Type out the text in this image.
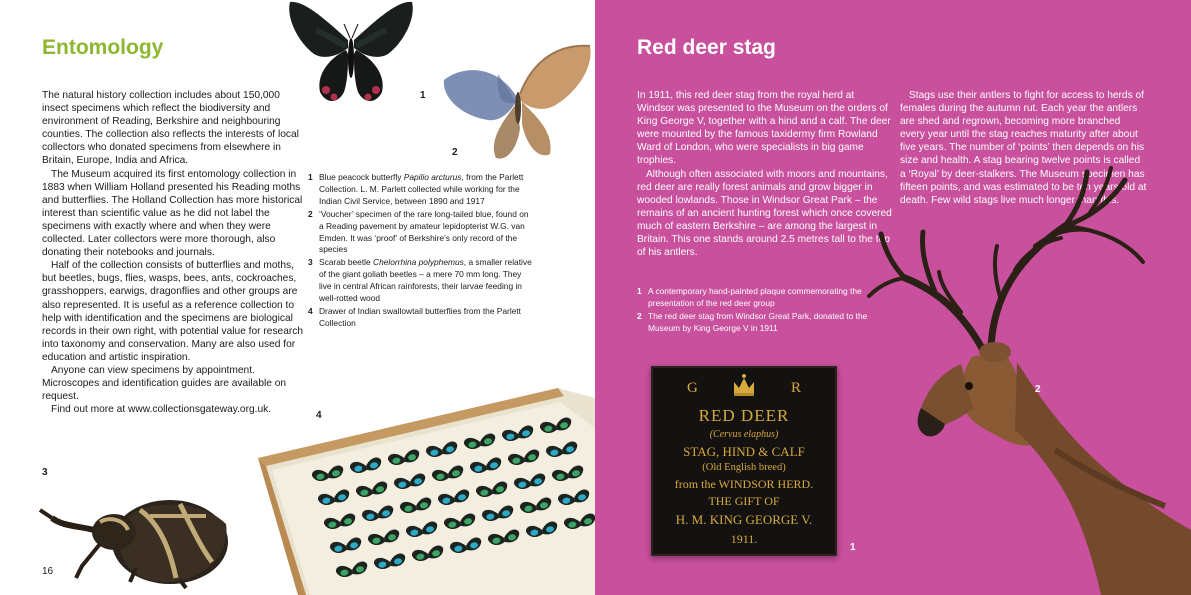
Entomology

The natural history collection includes about 150,000 insect specimens which reflect the biodiversity and environment of Reading, Berkshire and neighbouring counties. The collection also reflects the interests of local collectors who donated specimens from elsewhere in Britain, Europe, India and Africa.

The Museum acquired its first entomology collection in 1883 when William Holland presented his Reading moths and butterflies. The Holland Collection has more historical interest than scientific value as he did not label the specimens with exactly where and when they were collected. Later collectors were more thorough, also donating their notebooks and journals.

Half of the collection consists of butterflies and moths, but beetles, bugs, flies, wasps, bees, ants, cockroaches, grasshoppers, earwigs, dragonflies and other groups are also represented. It is useful as a reference collection to help with identification and the specimens are biological records in their own right, with potential value for research into taxonomy and conservation. Many are also used for education and artistic inspiration.

Anyone can view specimens by appointment. Microscopes and identification guides are available on request.

Find out more at www.collectionsgateway.org.uk.

1 Blue peacock butterfly Papilio arcturus, from the Parlett Collection. L. M. Parlett collected while working for the Indian Civil Service, between 1890 and 1917
2 ‘Voucher’ specimen of the rare long-tailed blue, found on a Reading pavement by amateur lepidopterist W.G. van Emden. It was ‘proof’ of Berkshire’s only record of the species
3 Scarab beetle Chelorrhina polyphemus, a smaller relative of the giant goliath beetles – a mere 70 mm long. They live in central African rainforests, their larvae feeding in well-rotted wood
4 Drawer of Indian swallowtail butterflies from the Parlett Collection
1
2
3
16
4
Red deer stag

In 1911, this red deer stag from the royal herd at Windsor was presented to the Museum on the orders of King George V, together with a hind and a calf. The deer were mounted by the famous taxidermy firm Rowland Ward of London, who were specialists in big game trophies.

Although often associated with moors and mountains, red deer are really forest animals and grow bigger in wooded lowlands. Those in Windsor Great Park – the remains of an ancient hunting forest which once covered much of eastern Berkshire – are among the largest in Britain. This one stands around 2.5 metres tall to the top of his antlers.

Stags use their antlers to fight for access to herds of females during the autumn rut. Each year the antlers are shed and regrown, becoming more branched every year until the stag reaches maturity after about five years. The number of ‘points’ then depends on his size and health. A stag bearing twelve points is called a ‘Royal’ by deer-stalkers. The Museum specimen has fifteen points, and was estimated to be ten years old at death. Few wild stags live much longer than this.

1 A contemporary hand-painted plaque commemorating the presentation of the red deer group
2 The red deer stag from Windsor Great Park, donated to the Museum by King George V in 1911
2
G	R
RED DEER
(Cervus elaphus)
STAG, HIND & CALF
(Old English breed)
from the WINDSOR HERD.
THE GIFT OF
H. M. KING GEORGE V.
1911.
1
